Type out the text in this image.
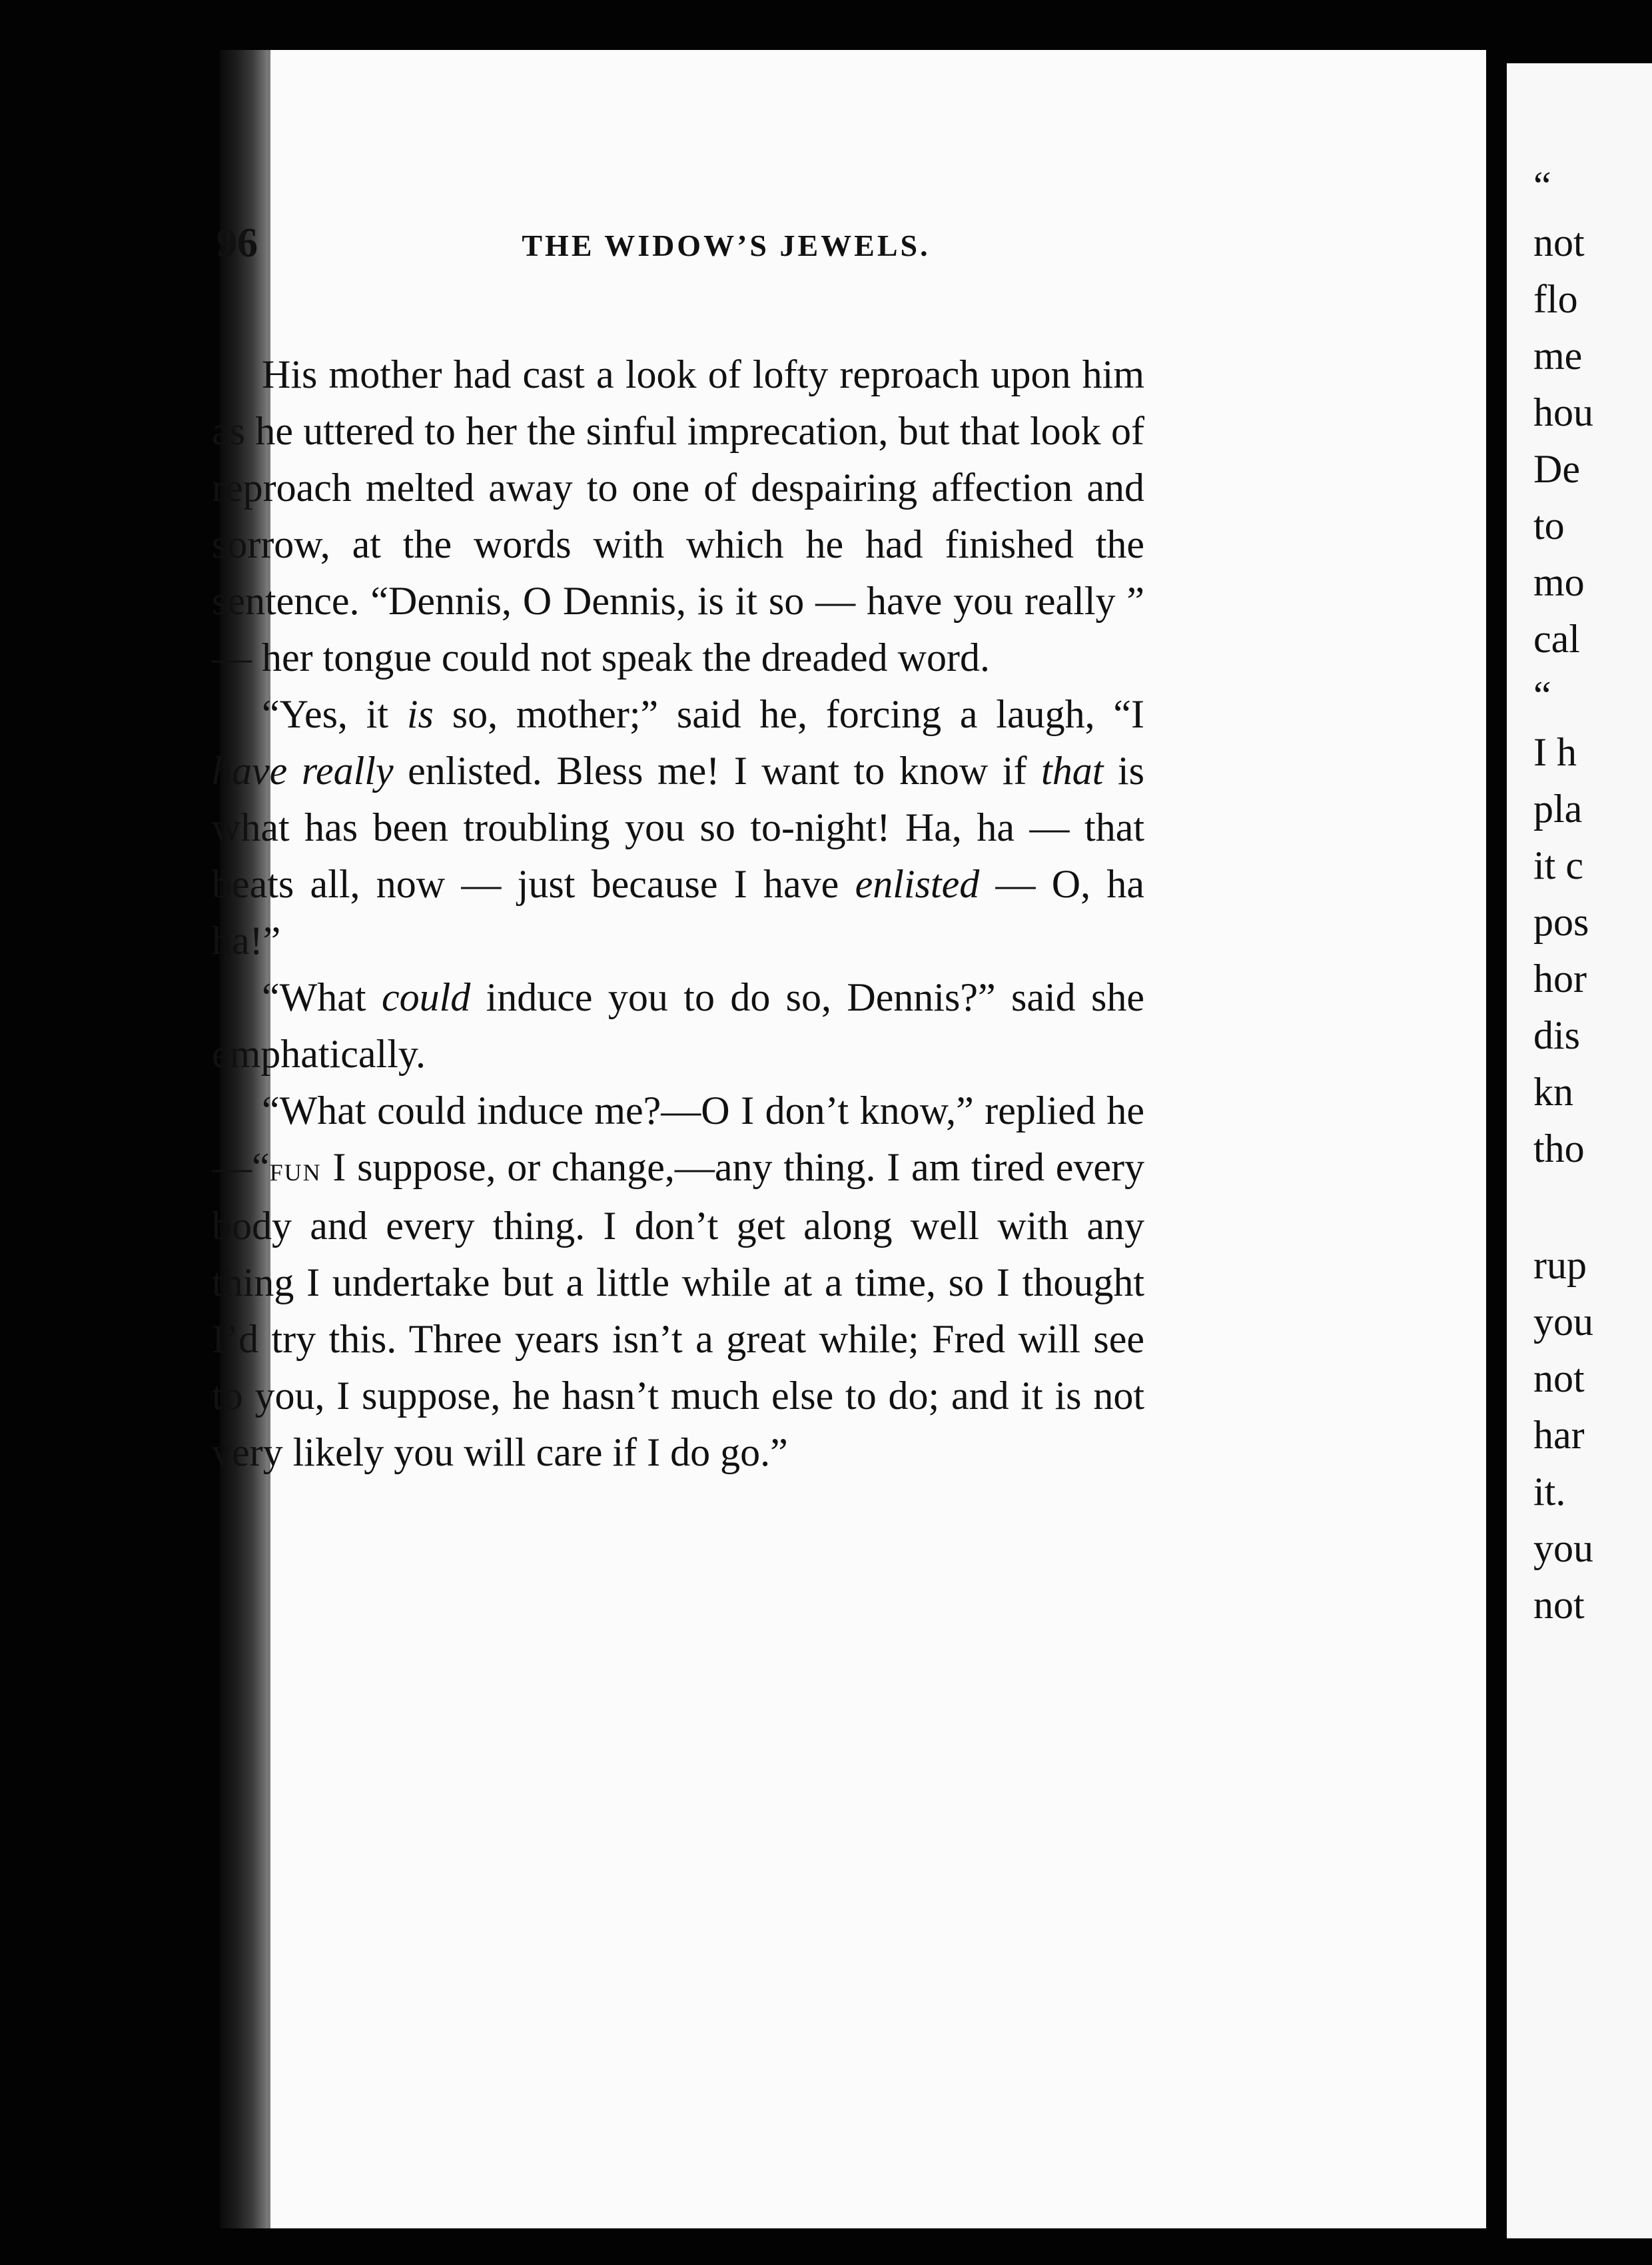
96	THE WIDOW’S JEWELS.

His mother had cast a look of lofty reproach upon him as he uttered to her the sinful imprecation, but that look of reproach melted away to one of despairing affection and sorrow, at the words with which he had finished the sentence. “Dennis, O Dennis, is it so — have you really ” — her tongue could not speak the dreaded word.

“Yes, it is so, mother;” said he, forcing a laugh, “I have really enlisted. Bless me! I want to know if that is what has been troubling you so to-night! Ha, ha — that beats all, now — just because I have enlisted — O, ha ha!”

“What could induce you to do so, Dennis?” said she emphatically.

“What could induce me?—O I don’t know,” replied he—“fun I suppose, or change,—any thing. I am tired every body and every thing. I don’t get along well with any thing I undertake but a little while at a time, so I thought I’d try this. Three years isn’t a great while; Fred will see to you, I suppose, he hasn’t much else to do; and it is not very likely you will care if I do go.”

“
not
flo
me
hou
De
to
mo
cal
“
I h
pla
it c
pos
hor
dis
kn
tho
rup
you
not
har
it.
you
not
